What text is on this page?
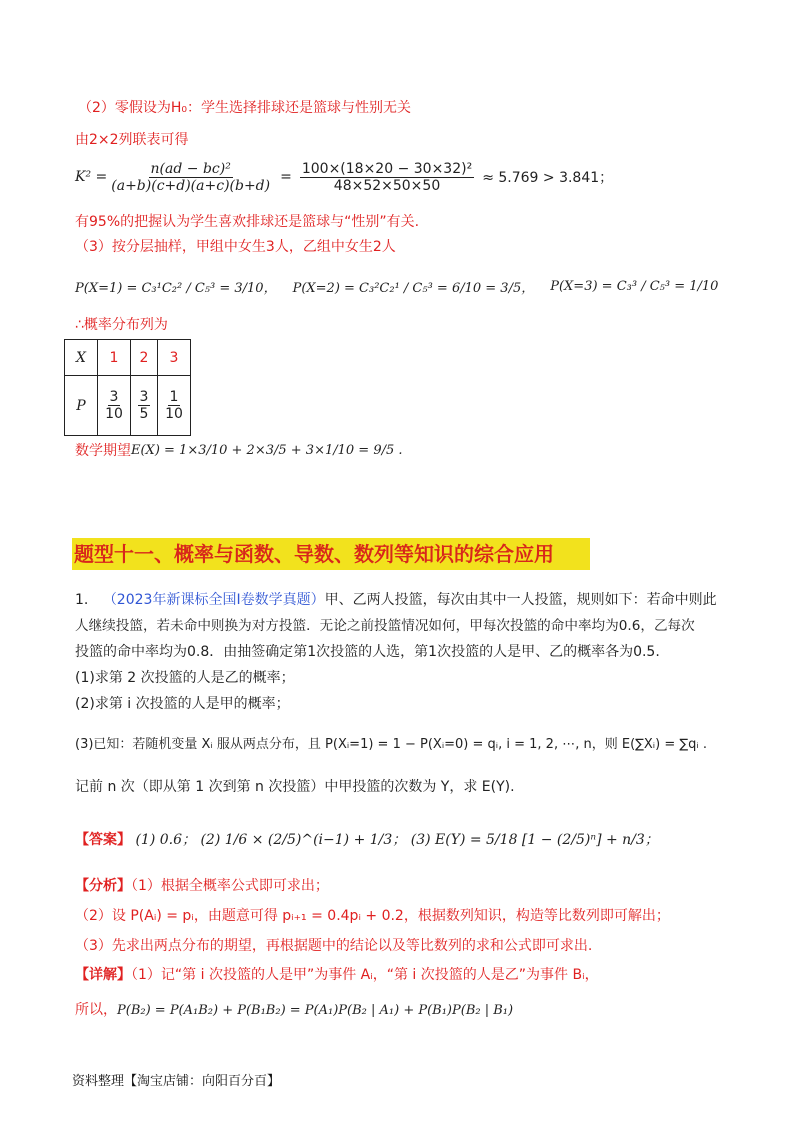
（2）零假设为H₀：学生选择排球还是篮球与性别无关
由2×2列联表可得
$K^2 = \frac{\text{n(ad − bc)²}}{(a+b)(c+d)(a+c)(b+d)} = \frac{\text{100×(18×20 − 30×32)²}}{48\times 52\times 50\times 50} \approx 5.769 > 3.841$；
有95%的把握认为学生喜欢排球还是篮球与“性别”有关.
（3）按分层抽样，甲组中女生3人，乙组中女生2人
P(X=1) = C₃¹C₂² / C₅³ = 3/10， P(X=2) = C₃²C₂¹ / C₅³ = 6/10 = 3/5， P(X=3) = C₃³ / C₅³ = 1/10
∴概率分布列为
X	1	2	3
P	$\frac{3}{10}$	$\frac{3}{5}$	$\frac{1}{10}$
数学期望 E(X) = 1×3/10 + 2×3/5 + 3×1/10 = 9/5 .
题型十一、概率与函数、导数、数列等知识的综合应用
1. （2023年新课标全国Ⅰ卷数学真题）甲、乙两人投篮，每次由其中一人投篮，规则如下：若命中则此
人继续投篮，若未命中则换为对方投篮．无论之前投篮情况如何，甲每次投篮的命中率均为0.6，乙每次
投篮的命中率均为0.8．由抽签确定第1次投篮的人选，第1次投篮的人是甲、乙的概率各为0.5.
(1)求第 2 次投篮的人是乙的概率；
(2)求第 i 次投篮的人是甲的概率；
(3)已知：若随机变量 Xᵢ 服从两点分布，且 P(Xᵢ=1) = 1 − P(Xᵢ=0) = qᵢ, i = 1, 2, ⋯, n，则 E(∑Xᵢ) = ∑qᵢ .
记前 n 次（即从第 1 次到第 n 次投篮）中甲投篮的次数为 Y，求 E(Y).
【答案】 (1) 0.6； (2) 1/6 × (2/5)^(i−1) + 1/3； (3) E(Y) = 5/18 [1 − (2/5)ⁿ] + n/3；
【分析】（1）根据全概率公式即可求出；
（2）设 P(Aᵢ) = pᵢ，由题意可得 pᵢ₊₁ = 0.4pᵢ + 0.2，根据数列知识，构造等比数列即可解出；
（3）先求出两点分布的期望，再根据题中的结论以及等比数列的求和公式即可求出.
【详解】（1）记“第 i 次投篮的人是甲”为事件 Aᵢ，“第 i 次投篮的人是乙”为事件 Bᵢ，
所以，P(B₂) = P(A₁B₂) + P(B₁B₂) = P(A₁)P(B₂ | A₁) + P(B₁)P(B₂ | B₁)
资料整理【淘宝店铺：向阳百分百】
